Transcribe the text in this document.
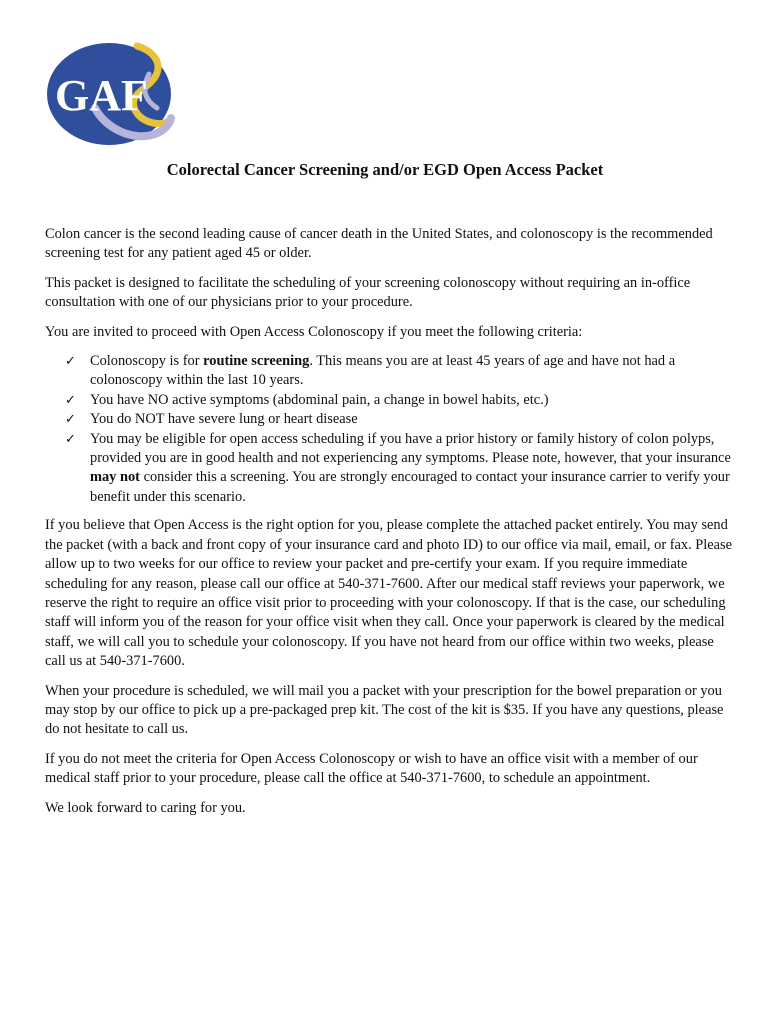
GAF
Colorectal Cancer Screening and/or EGD Open Access Packet

Colon cancer is the second leading cause of cancer death in the United States, and colonoscopy is the recommended screening test for any patient aged 45 or older.

This packet is designed to facilitate the scheduling of your screening colonoscopy without requiring an in-office consultation with one of our physicians prior to your procedure.

You are invited to proceed with Open Access Colonoscopy if you meet the following criteria:

✓ Colonoscopy is for routine screening. This means you are at least 45 years of age and have not had a colonoscopy within the last 10 years.
✓ You have NO active symptoms (abdominal pain, a change in bowel habits, etc.)
✓ You do NOT have severe lung or heart disease
✓ You may be eligible for open access scheduling if you have a prior history or family history of colon polyps, provided you are in good health and not experiencing any symptoms. Please note, however, that your insurance may not consider this a screening. You are strongly encouraged to contact your insurance carrier to verify your benefit under this scenario.

If you believe that Open Access is the right option for you, please complete the attached packet entirely. You may send the packet (with a back and front copy of your insurance card and photo ID) to our office via mail, email, or fax. Please allow up to two weeks for our office to review your packet and pre-certify your exam. If you require immediate scheduling for any reason, please call our office at 540-371-7600. After our medical staff reviews your paperwork, we reserve the right to require an office visit prior to proceeding with your colonoscopy. If that is the case, our scheduling staff will inform you of the reason for your office visit when they call. Once your paperwork is cleared by the medical staff, we will call you to schedule your colonoscopy. If you have not heard from our office within two weeks, please call us at 540-371-7600.

When your procedure is scheduled, we will mail you a packet with your prescription for the bowel preparation or you may stop by our office to pick up a pre-packaged prep kit. The cost of the kit is $35. If you have any questions, please do not hesitate to call us.

If you do not meet the criteria for Open Access Colonoscopy or wish to have an office visit with a member of our medical staff prior to your procedure, please call the office at 540-371-7600, to schedule an appointment.

We look forward to caring for you.
